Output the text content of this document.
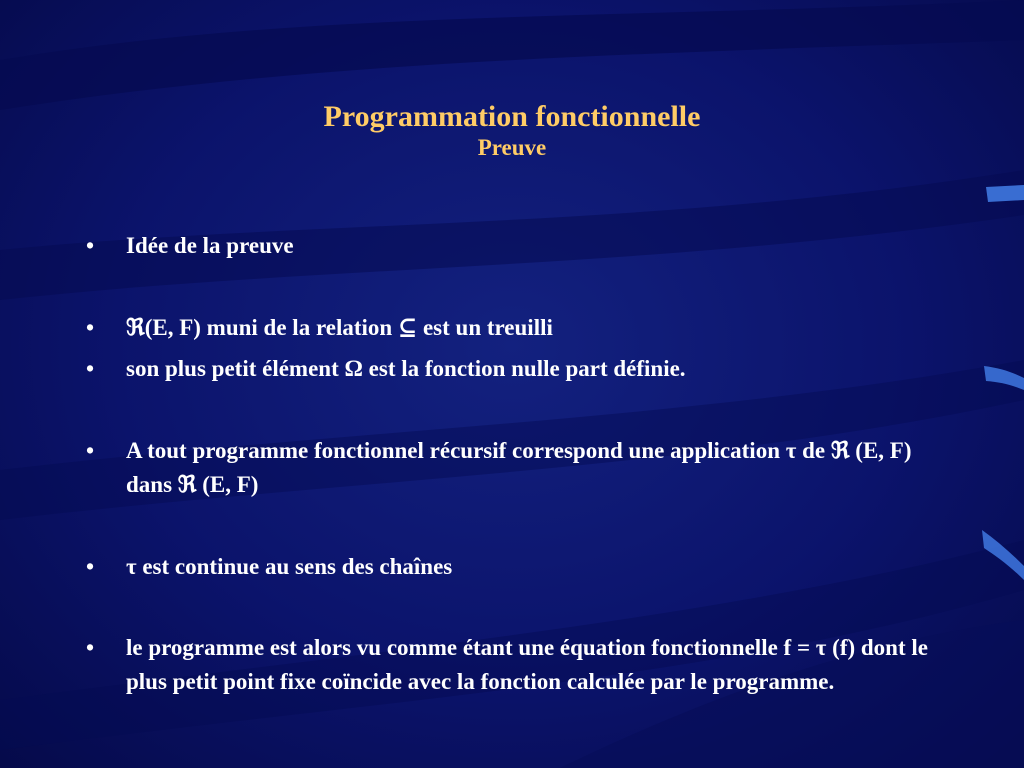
Programmation fonctionnelle
Preuve
•	Idée de la preuve
•	ℜ(E, F) muni de la relation ⊆ est un treuilli
•	son plus petit élément Ω est la fonction nulle part définie.
•	A tout programme fonctionnel récursif correspond une application τ de ℜ (E, F) dans ℜ (E, F)
•	τ est continue au sens des chaînes
•	le programme est alors vu comme étant une équation fonctionnelle f = τ (f) dont le plus petit point fixe coïncide avec la fonction calculée par le programme.
